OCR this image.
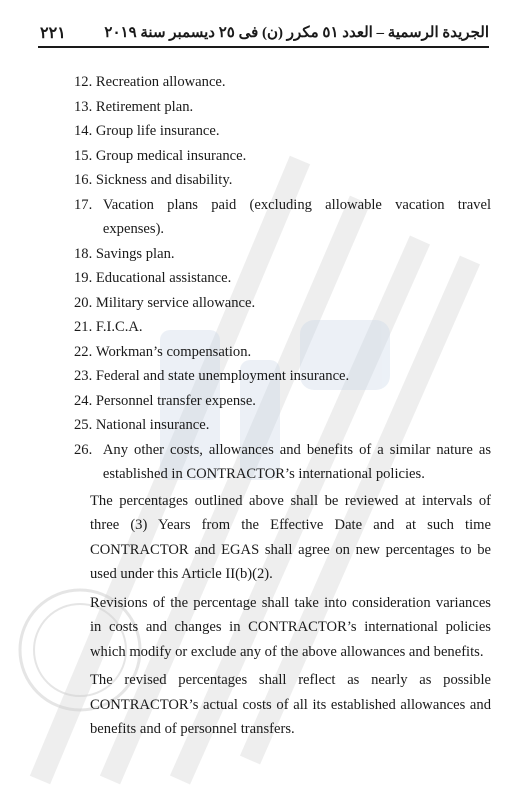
٢٢١	الجريدة الرسمية – العدد ٥١ مكرر (ن) فى ٢٥ ديسمبر سنة ٢٠١٩
12. Recreation allowance.
13. Retirement plan.
14. Group life insurance.
15. Group medical insurance.
16. Sickness and disability.
17. Vacation plans paid (excluding allowable vacation travel expenses).
18. Savings plan.
19. Educational assistance.
20. Military service allowance.
21. F.I.C.A.
22. Workman’s compensation.
23. Federal and state unemployment insurance.
24. Personnel transfer expense.
25. National insurance.
26. Any other costs, allowances and benefits of a similar nature as established in CONTRACTOR’s international policies.
The percentages outlined above shall be reviewed at intervals of three (3) Years from the Effective Date and at such time CONTRACTOR and EGAS shall agree on new percentages to be used under this Article II(b)(2).
Revisions of the percentage shall take into consideration variances in costs and changes in CONTRACTOR’s international policies which modify or exclude any of the above allowances and benefits.
The revised percentages shall reflect as nearly as possible CONTRACTOR’s actual costs of all its established allowances and benefits and of personnel transfers.
